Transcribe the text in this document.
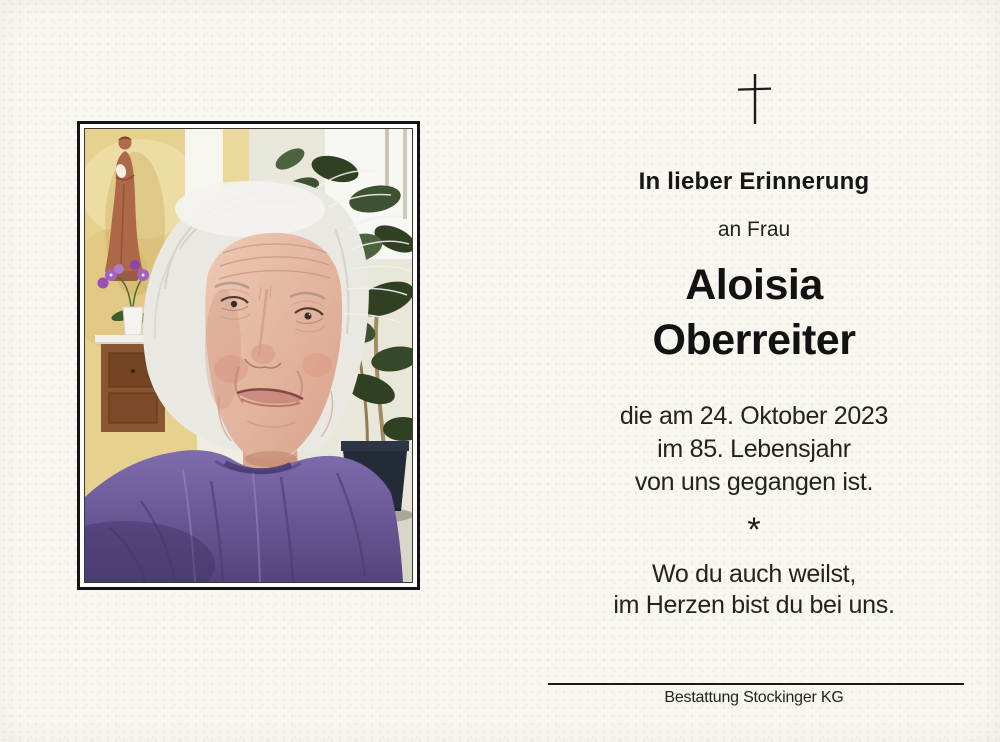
In lieber Erinnerung
an Frau
Aloisia
Oberreiter
die am 24. Oktober 2023
im 85. Lebensjahr
von uns gegangen ist.
*
Wo du auch weilst,
im Herzen bist du bei uns.
Bestattung Stockinger KG
